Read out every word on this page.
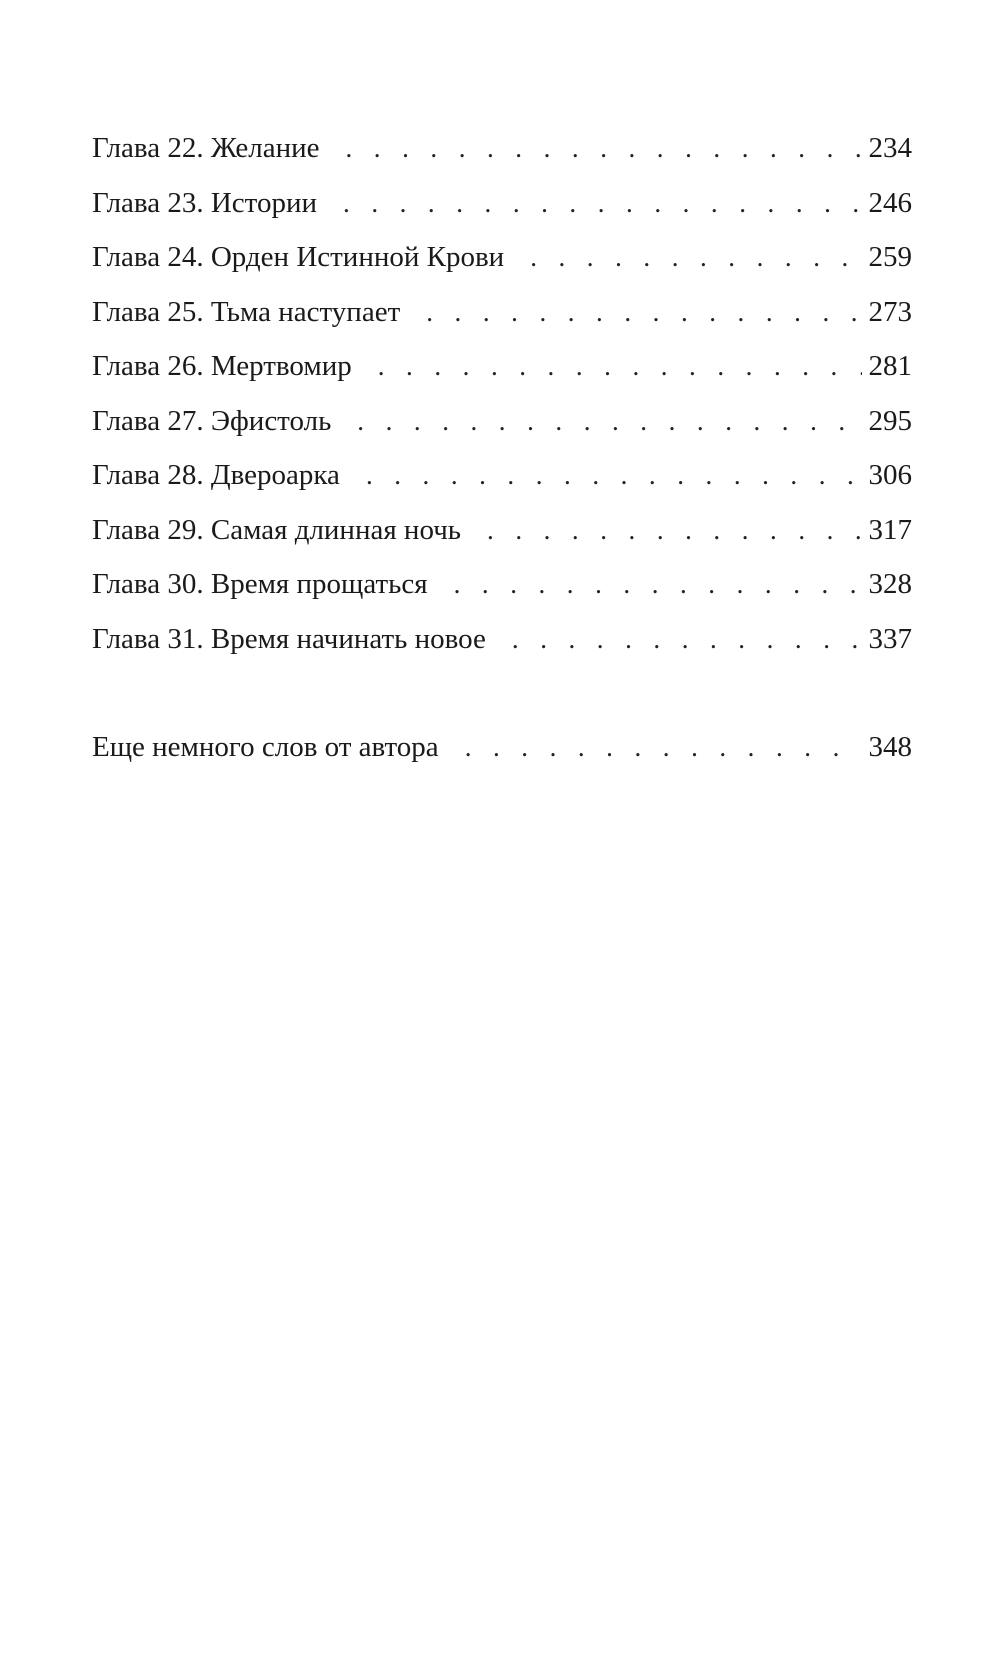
Глава 22. Желание . . .	234
Глава 23. Истории . . .	246
Глава 24. Орден Истинной Крови . . .	259
Глава 25. Тьма наступает . . .	273
Глава 26. Мертвомир . . .	281
Глава 27. Эфистоль . . .	295
Глава 28. Двероарка . . .	306
Глава 29. Самая длинная ночь . . .	317
Глава 30. Время прощаться . . .	328
Глава 31. Время начинать новое . . .	337
Еще немного слов от автора . . .	348
